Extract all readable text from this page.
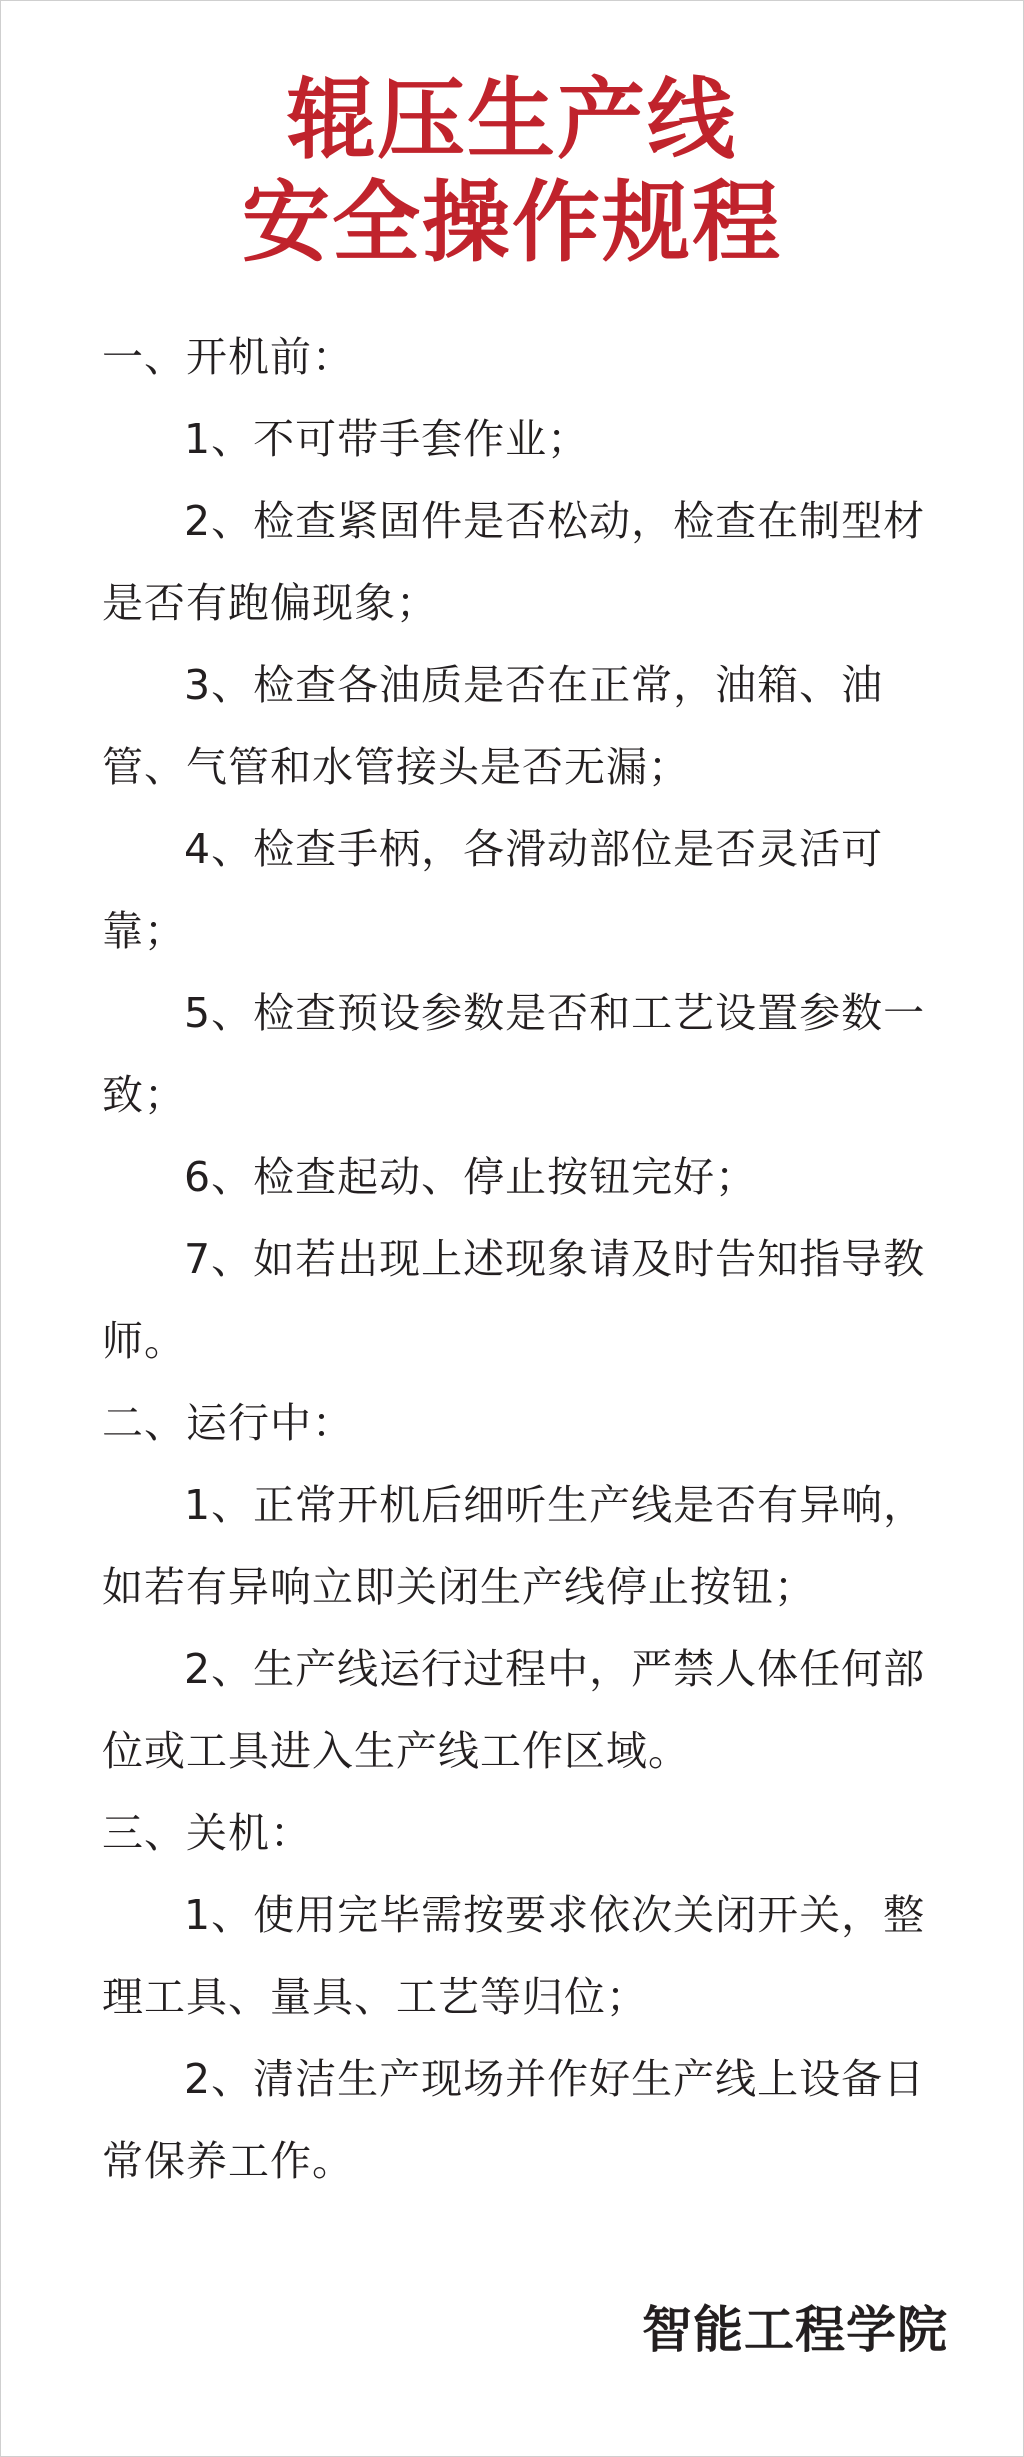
辊压生产线
安全操作规程

一、开机前：

1、不可带手套作业；

2、检查紧固件是否松动，检查在制型材是否有跑偏现象；

3、检查各油质是否在正常，油箱、油管、气管和水管接头是否无漏；

4、检查手柄，各滑动部位是否灵活可靠；

5、检查预设参数是否和工艺设置参数一致；

6、检查起动、停止按钮完好；

7、如若出现上述现象请及时告知指导教师。

二、运行中：

1、正常开机后细听生产线是否有异响，如若有异响立即关闭生产线停止按钮；

2、生产线运行过程中，严禁人体任何部位或工具进入生产线工作区域。

三、关机：

1、使用完毕需按要求依次关闭开关，整理工具、量具、工艺等归位；

2、清洁生产现场并作好生产线上设备日常保养工作。

智能工程学院
